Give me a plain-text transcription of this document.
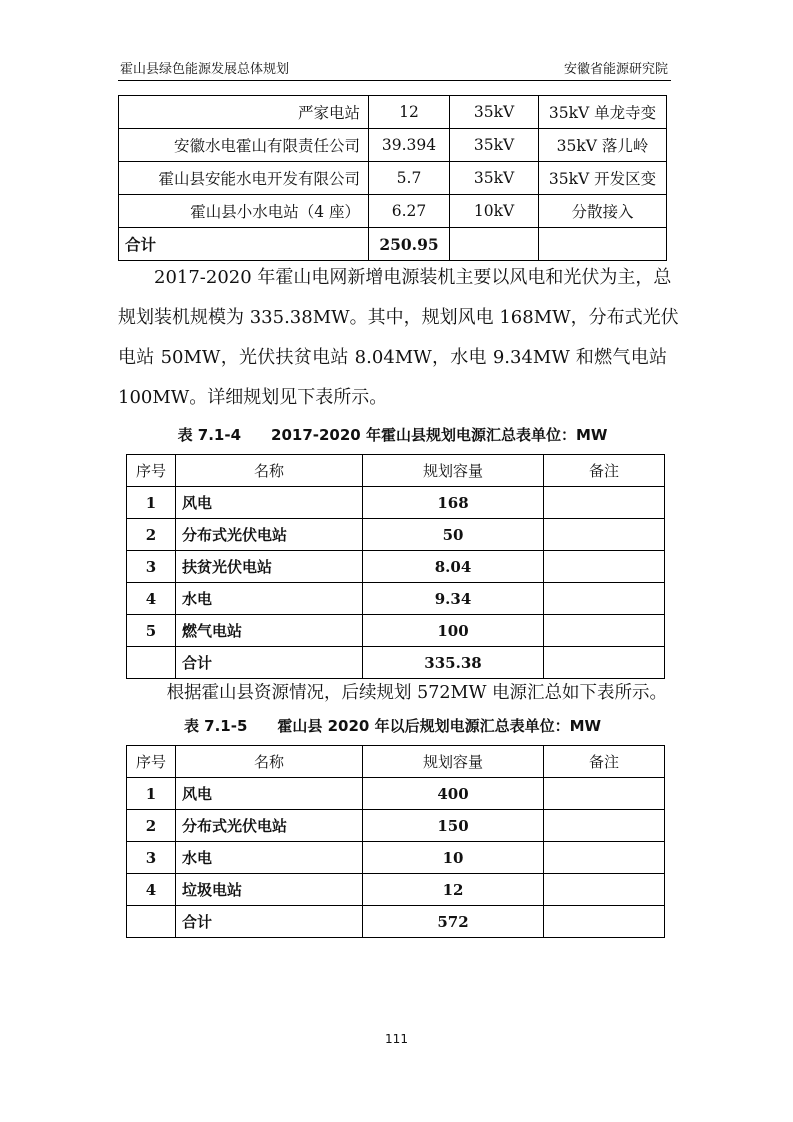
霍山县绿色能源发展总体规划	安徽省能源研究院
严家电站	12	35kV	35kV 单龙寺变
安徽水电霍山有限责任公司	39.394	35kV	35kV 落儿岭
霍山县安能水电开发有限公司	5.7	35kV	35kV 开发区变
霍山县小水电站（4 座）	6.27	10kV	分散接入
合计	250.95		
2017-2020 年霍山电网新增电源装机主要以风电和光伏为主，总
规划装机规模为 335.38MW。其中，规划风电 168MW，分布式光伏
电站 50MW，光伏扶贫电站 8.04MW，水电 9.34MW 和燃气电站
100MW。详细规划见下表所示。
表 7.1-4　　2017-2020 年霍山县规划电源汇总表单位：MW
序号	名称	规划容量	备注
1	风电	168	
2	分布式光伏电站	50	
3	扶贫光伏电站	8.04	
4	水电	9.34	
5	燃气电站	100	
	合计	335.38	
根据霍山县资源情况，后续规划 572MW 电源汇总如下表所示。
表 7.1-5　　霍山县 2020 年以后规划电源汇总表单位：MW
序号	名称	规划容量	备注
1	风电	400	
2	分布式光伏电站	150	
3	水电	10	
4	垃圾电站	12	
	合计	572	
111
